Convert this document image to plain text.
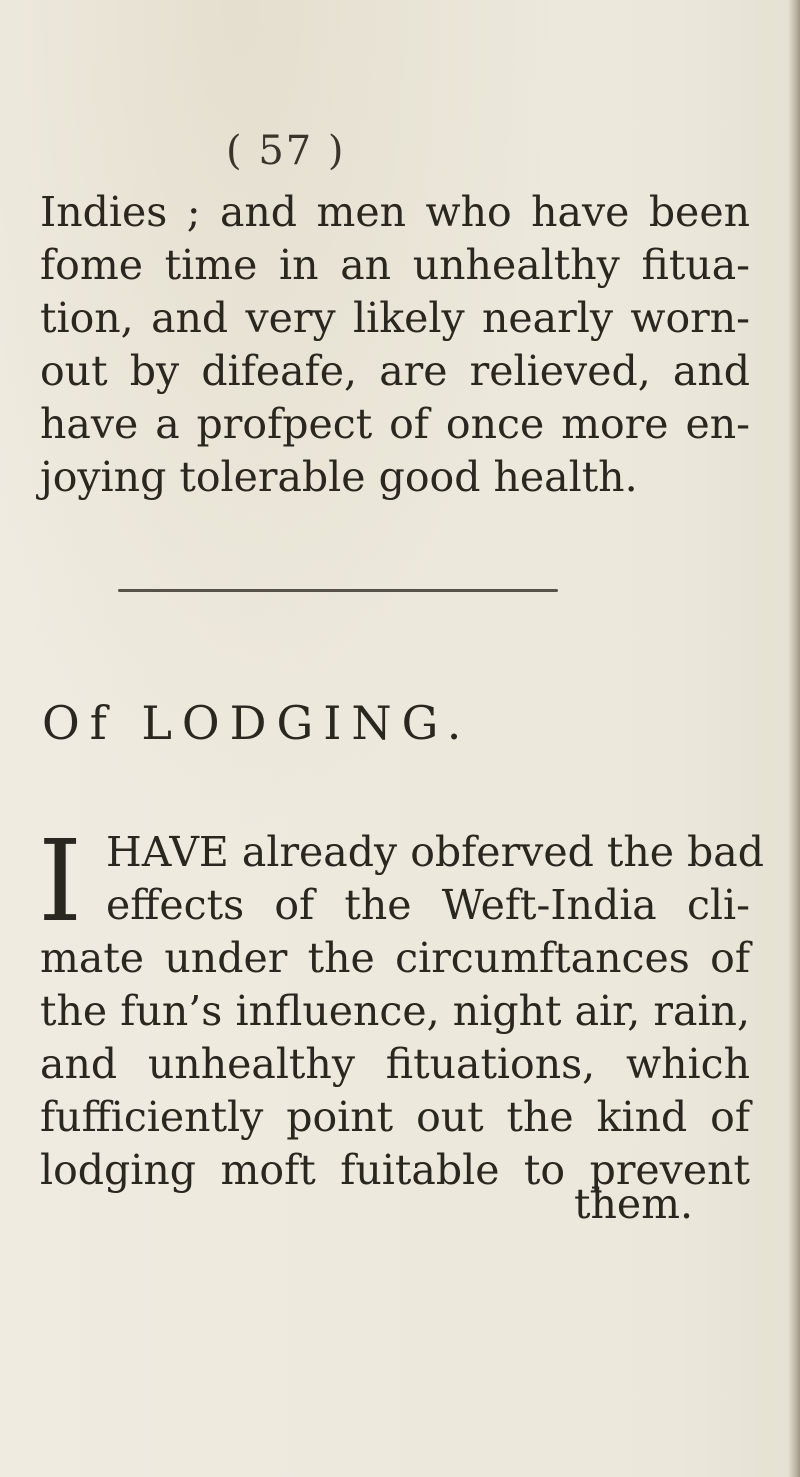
( 57 )
Indies ; and men who have been
fome time in an unhealthy fitua-
tion, and very likely nearly worn-
out by difeafe, are relieved, and
have a profpect of once more en-
joying tolerable good health.
Of LODGING.
I HAVE already obferved the bad
effects of the Weft-India cli-
mate under the circumftances of
the fun’s influence, night air, rain,
and unhealthy fituations, which
fufficiently point out the kind of
lodging moft fuitable to prevent
them.
